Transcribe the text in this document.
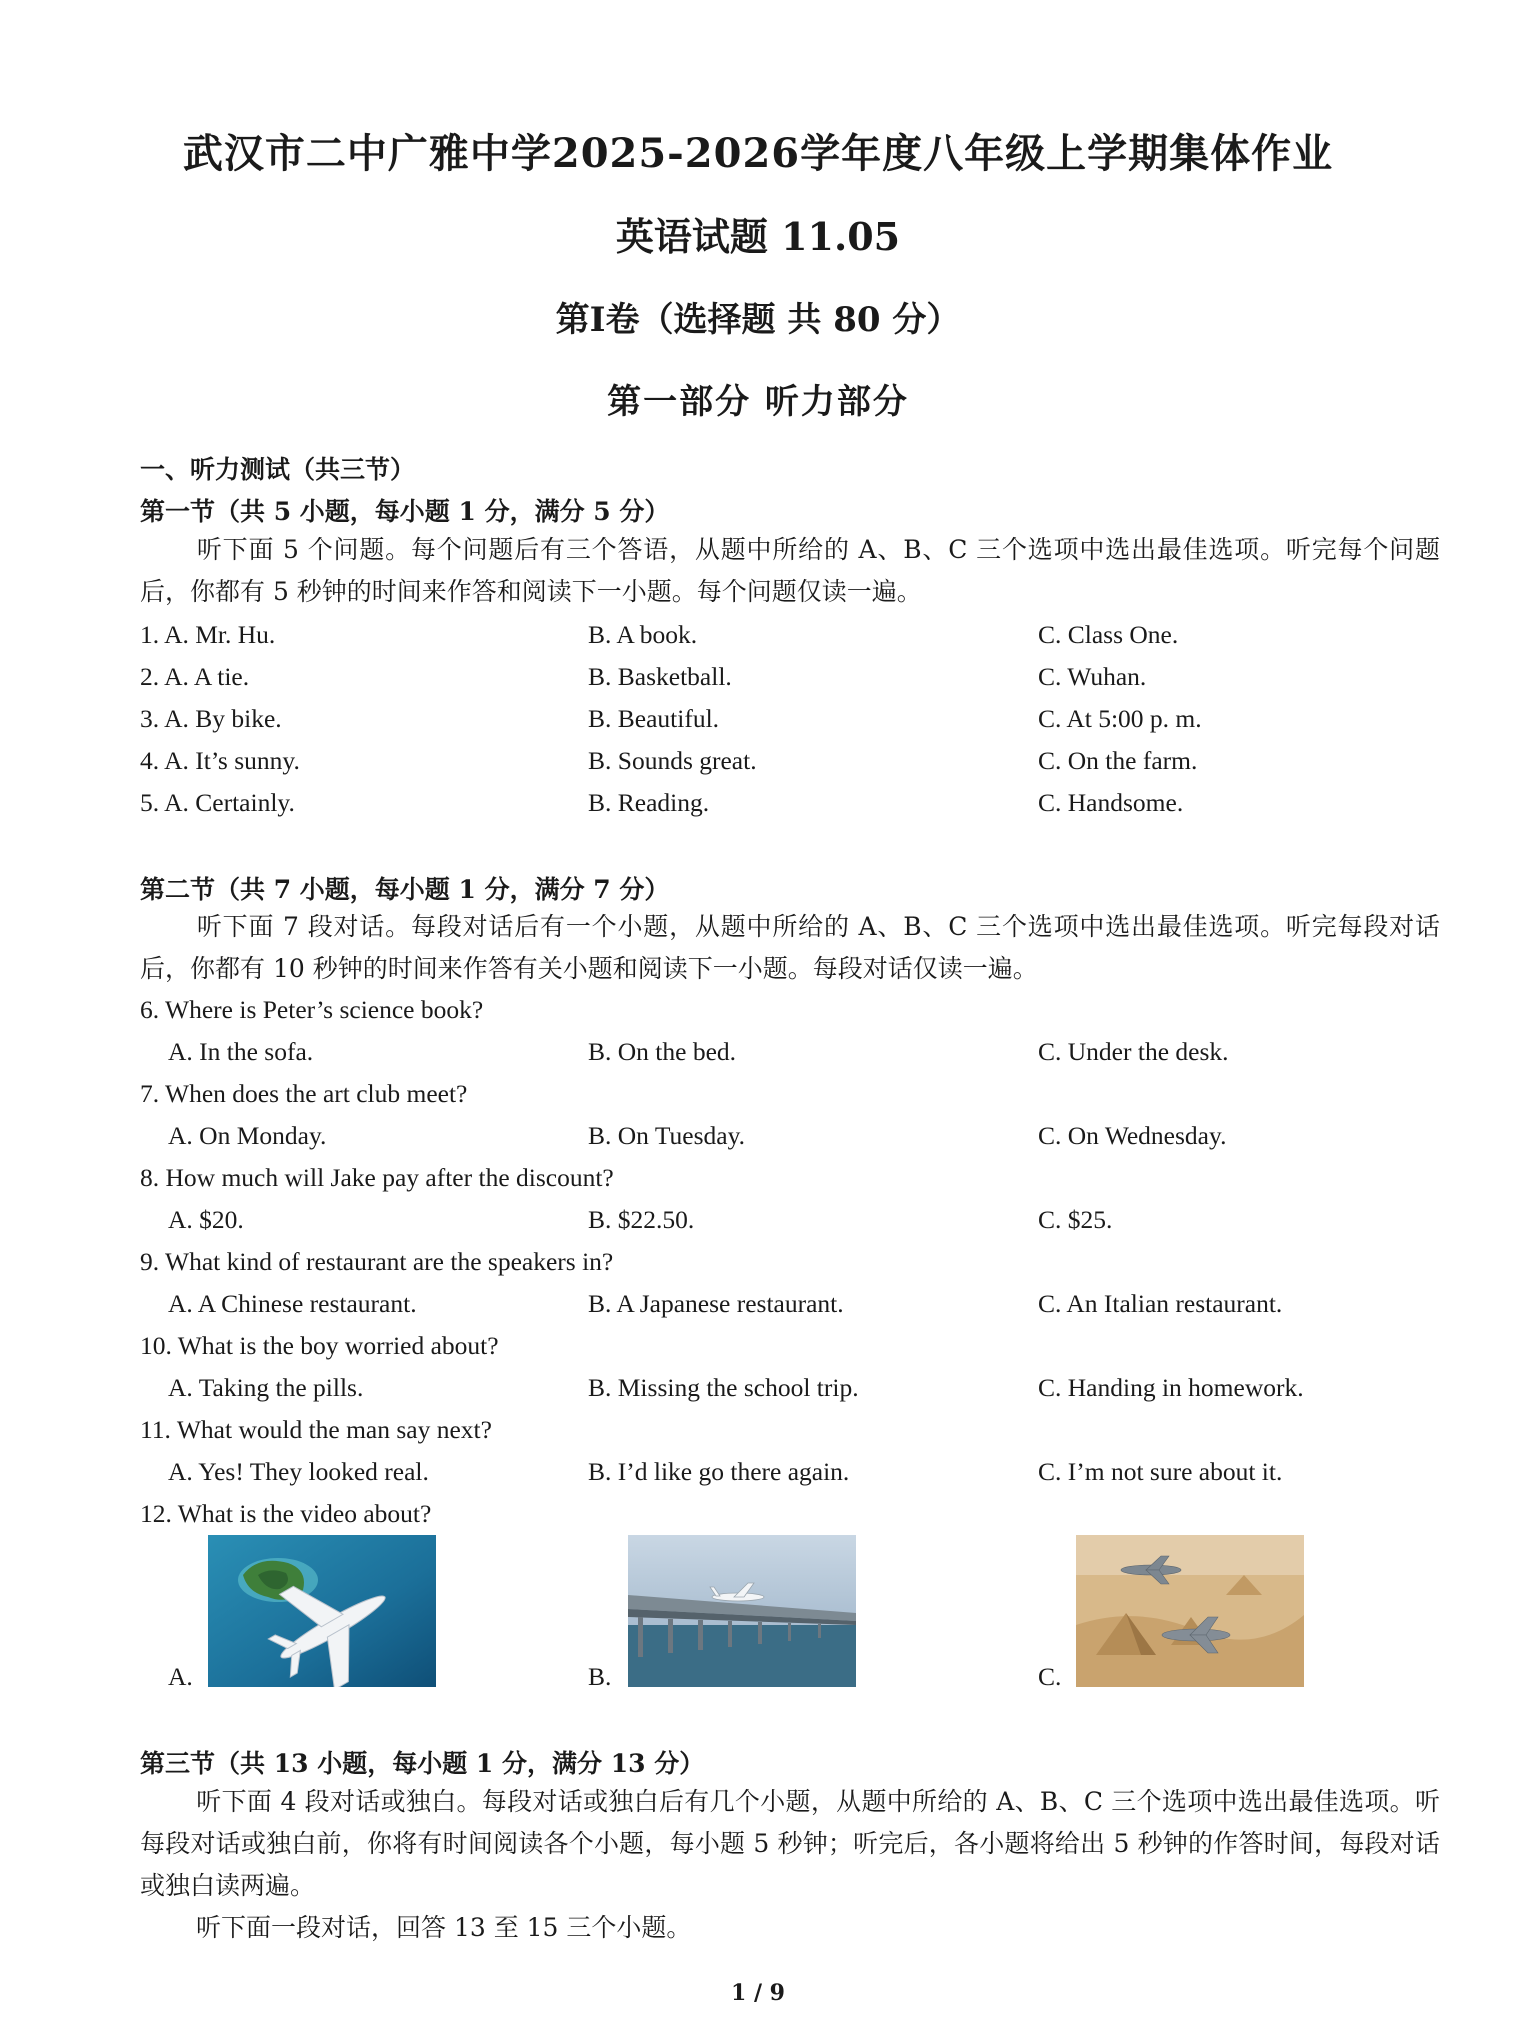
武汉市二中广雅中学2025-2026学年度八年级上学期集体作业
英语试题 11.05
第Ⅰ卷（选择题 共 80 分）
第一部分 听力部分
一、听力测试（共三节）
第一节（共 5 小题，每小题 1 分，满分 5 分）
听下面 5 个问题。每个问题后有三个答语，从题中所给的 A、B、C 三个选项中选出最佳选项。听完每个问题后，你都有 5 秒钟的时间来作答和阅读下一小题。每个问题仅读一遍。
1. A. Mr. Hu.	B. A book.	C. Class One.
2. A. A tie.	B. Basketball.	C. Wuhan.
3. A. By bike.	B. Beautiful.	C. At 5:00 p. m.
4. A. It’s sunny.	B. Sounds great.	C. On the farm.
5. A. Certainly.	B. Reading.	C. Handsome.
第二节（共 7 小题，每小题 1 分，满分 7 分）
听下面 7 段对话。每段对话后有一个小题，从题中所给的 A、B、C 三个选项中选出最佳选项。听完每段对话后，你都有 10 秒钟的时间来作答有关小题和阅读下一小题。每段对话仅读一遍。
6. Where is Peter’s science book?
A. In the sofa.	B. On the bed.	C. Under the desk.
7. When does the art club meet?
A. On Monday.	B. On Tuesday.	C. On Wednesday.
8. How much will Jake pay after the discount?
A. $20.	B. $22.50.	C. $25.
9. What kind of restaurant are the speakers in?
A. A Chinese restaurant.	B. A Japanese restaurant.	C. An Italian restaurant.
10. What is the boy worried about?
A. Taking the pills.	B. Missing the school trip.	C. Handing in homework.
11. What would the man say next?
A. Yes! They looked real.	B. I’d like go there again.	C. I’m not sure about it.
12. What is the video about?
A.	B.	C.
第三节（共 13 小题，每小题 1 分，满分 13 分）
听下面 4 段对话或独白。每段对话或独白后有几个小题，从题中所给的 A、B、C 三个选项中选出最佳选项。听每段对话或独白前，你将有时间阅读各个小题，每小题 5 秒钟；听完后，各小题将给出 5 秒钟的作答时间，每段对话或独白读两遍。
听下面一段对话，回答 13 至 15 三个小题。
1 / 9
